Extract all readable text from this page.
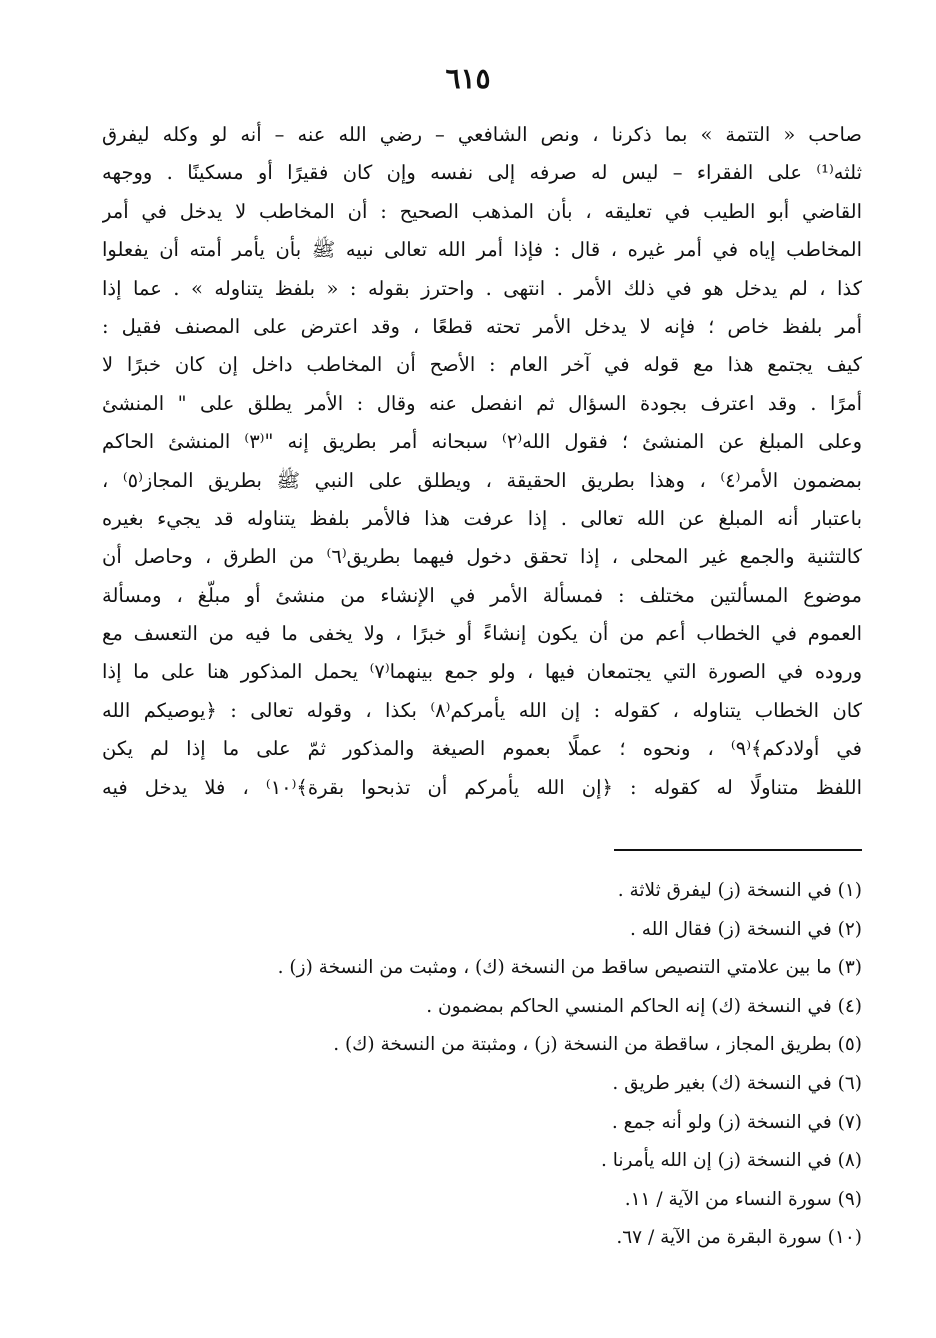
٦١٥
صاحب « التتمة » بما ذكرنا ، ونص الشافعي – رضي الله عنه – أنه لو وكله ليفرق
ثلثه⁽¹⁾ على الفقراء – ليس له صرفه إلى نفسه وإن كان فقيرًا أو مسكينًا . ووجهه
القاضي أبو الطيب في تعليقه ، بأن المذهب الصحيح : أن المخاطب لا يدخل في أمر
المخاطب إياه في أمر غيره ، قال : فإذا أمر الله تعالى نبيه ﷺ بأن يأمر أمته أن يفعلوا
كذا ، لم يدخل هو في ذلك الأمر . انتهى . واحترز بقوله : « بلفظ يتناوله » . عما إذا
أمر بلفظ خاص ؛ فإنه لا يدخل الأمر تحته قطعًا ، وقد اعترض على المصنف فقيل :
كيف يجتمع هذا مع قوله في آخر العام : الأصح أن المخاطب داخل إن كان خبرًا لا
أمرًا . وقد اعترف بجودة السؤال ثم انفصل عنه وقال : الأمر يطلق على " المنشئ
وعلى المبلغ عن المنشئ ؛ فقول الله⁽٢⁾ سبحانه أمر بطريق إنه "⁽٣⁾ المنشئ الحاكم
بمضمون الأمر⁽٤⁾ ، وهذا بطريق الحقيقة ، ويطلق على النبي ﷺ بطريق المجاز⁽٥⁾ ،
باعتبار أنه المبلغ عن الله تعالى . إذا عرفت هذا فالأمر بلفظ يتناوله قد يجيء بغيره
كالتثنية والجمع غير المحلى ، إذا تحقق دخول فيهما بطريق⁽٦⁾ من الطرق ، وحاصل أن
موضوع المسألتين مختلف : فمسألة الأمر في الإنشاء من منشئ أو مبلّغ ، ومسألة
العموم في الخطاب أعم من أن يكون إنشاءً أو خبرًا ، ولا يخفى ما فيه من التعسف مع
وروده في الصورة التي يجتمعان فيها ، ولو جمع بينهما⁽٧⁾ يحمل المذكور هنا على ما إذا
كان الخطاب يتناوله ، كقوله : إن الله يأمركم⁽٨⁾ بكذا ، وقوله تعالى : ﴿يوصيكم الله
في أولادكم﴾⁽٩⁾ ، ونحوه ؛ عملًا بعموم الصيغة والمذكور ثمّ على ما إذا لم يكن
اللفظ متناولًا له كقوله : ﴿إن الله يأمركم أن تذبحوا بقرة﴾⁽١٠⁾ ، فلا يدخل فيه
(١) في النسخة (ز) ليفرق ثلاثة .
(٢) في النسخة (ز) فقال الله .
(٣) ما بين علامتي التنصيص ساقط من النسخة (ك) ، ومثبت من النسخة (ز) .
(٤) في النسخة (ك) إنه الحاكم المنسي الحاكم بمضمون .
(٥) بطريق المجاز ، ساقطة من النسخة (ز) ، ومثبتة من النسخة (ك) .
(٦) في النسخة (ك) بغير طريق .
(٧) في النسخة (ز) ولو أنه جمع .
(٨) في النسخة (ز) إن الله يأمرنا .
(٩) سورة النساء من الآية / ١١.
(١٠) سورة البقرة من الآية / ٦٧.
